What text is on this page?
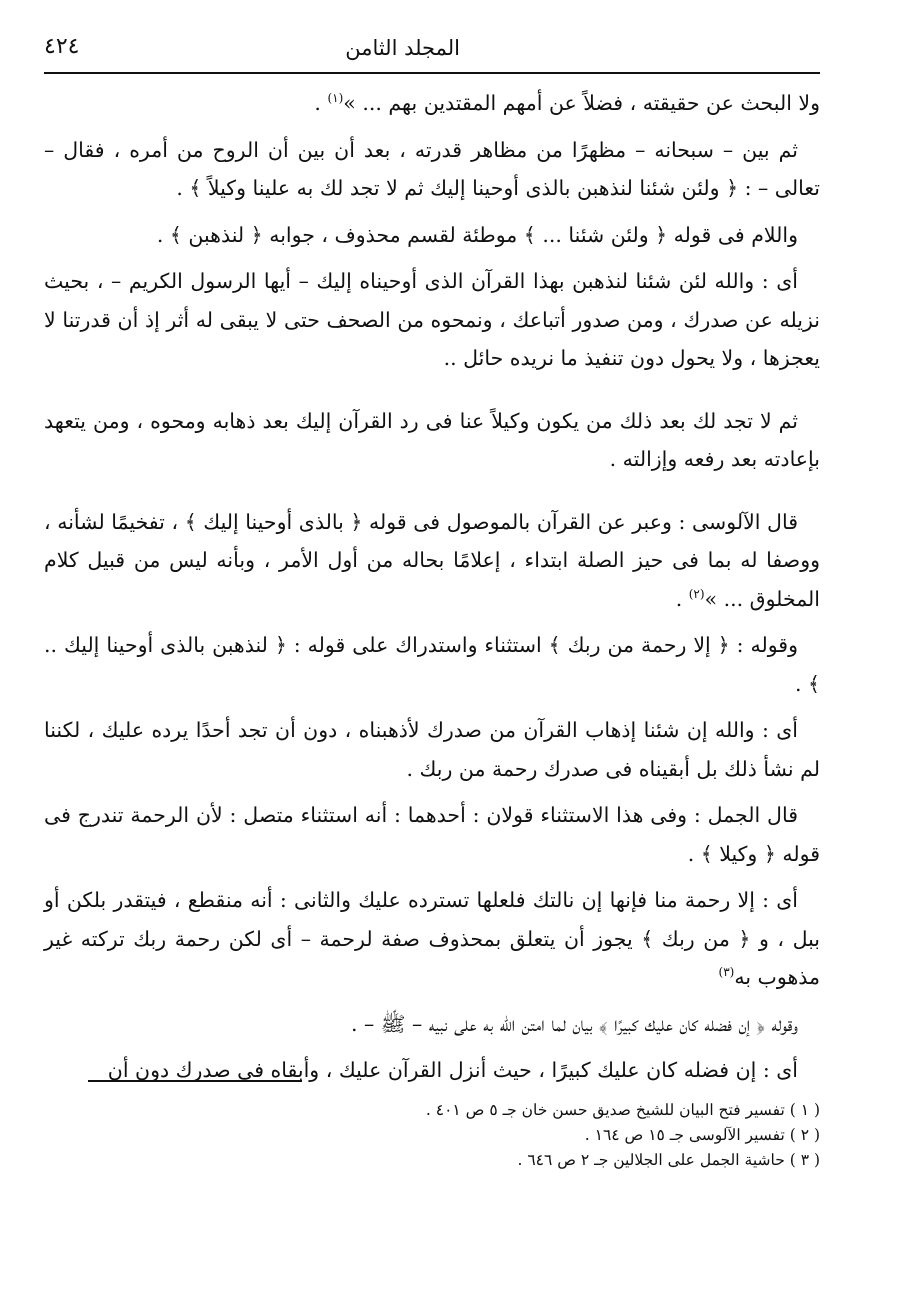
المجلد الثامن
٤٢٤

ولا البحث عن حقيقته ، فضلاً عن أمهم المقتدين بهم ... »$^{(١)}$ .

ثم بين – سبحانه – مظهرًا من مظاهر قدرته ، بعد أن بين أن الروح من أمره ، فقال – تعالى – : ﴿ ولئن شئنا لنذهبن بالذى أوحينا إليك ثم لا تجد لك به علينا وكيلاً ﴾ .

واللام فى قوله ﴿ ولئن شئنا ... ﴾ موطئة لقسم محذوف ، جوابه ﴿ لنذهبن ﴾ .

أى : والله لئن شئنا لنذهبن بهذا القرآن الذى أوحيناه إليك – أيها الرسول الكريم – ، بحيث نزيله عن صدرك ، ومن صدور أتباعك ، ونمحوه من الصحف حتى لا يبقى له أثر إذ أن قدرتنا لا يعجزها ، ولا يحول دون تنفيذ ما نريده حائل ..

ثم لا تجد لك بعد ذلك من يكون وكيلاً عنا فى رد القرآن إليك بعد ذهابه ومحوه ، ومن يتعهد بإعادته بعد رفعه وإزالته .

قال الآلوسى : وعبر عن القرآن بالموصول فى قوله ﴿ بالذى أوحينا إليك ﴾ ، تفخيمًا لشأنه ، ووصفا له بما فى حيز الصلة ابتداء ، إعلامًا بحاله من أول الأمر ، وبأنه ليس من قبيل كلام المخلوق ... »$^{(٢)}$ .

وقوله : ﴿ إلا رحمة من ربك ﴾ استثناء واستدراك على قوله : ﴿ لنذهبن بالذى أوحينا إليك .. ﴾ .

أى : والله إن شئنا إذهاب القرآن من صدرك لأذهبناه ، دون أن تجد أحدًا يرده عليك ، لكننا لم نشأ ذلك بل أبقيناه فى صدرك رحمة من ربك .

قال الجمل : وفى هذا الاستثناء قولان : أحدهما : أنه استثناء متصل : لأن الرحمة تندرج فى قوله ﴿ وكيلا ﴾ .

أى : إلا رحمة منا فإنها إن نالتك فلعلها تسترده عليك والثانى : أنه منقطع ، فيتقدر بلكن أو ببل ، و ﴿ من ربك ﴾ يجوز أن يتعلق بمحذوف صفة لرحمة – أى لكن رحمة ربك تركته غير مذهوب به$^{(٣)}$

وقوله ﴿ إن فضله كان عليك كبيرًا ﴾ بيان لما امتن الله به على نبيه – ﷺ – .

أى : إن فضله كان عليك كبيرًا ، حيث أنزل القرآن عليك ، وأبقاه فى صدرك دون أن

( ١ ) تفسير فتح البيان للشيخ صديق حسن خان جـ ٥ ص ٤٠١ .
( ٢ ) تفسير الآلوسى جـ ١٥ ص ١٦٤ .
( ٣ ) حاشية الجمل على الجلالين جـ ٢ ص ٦٤٦ .
